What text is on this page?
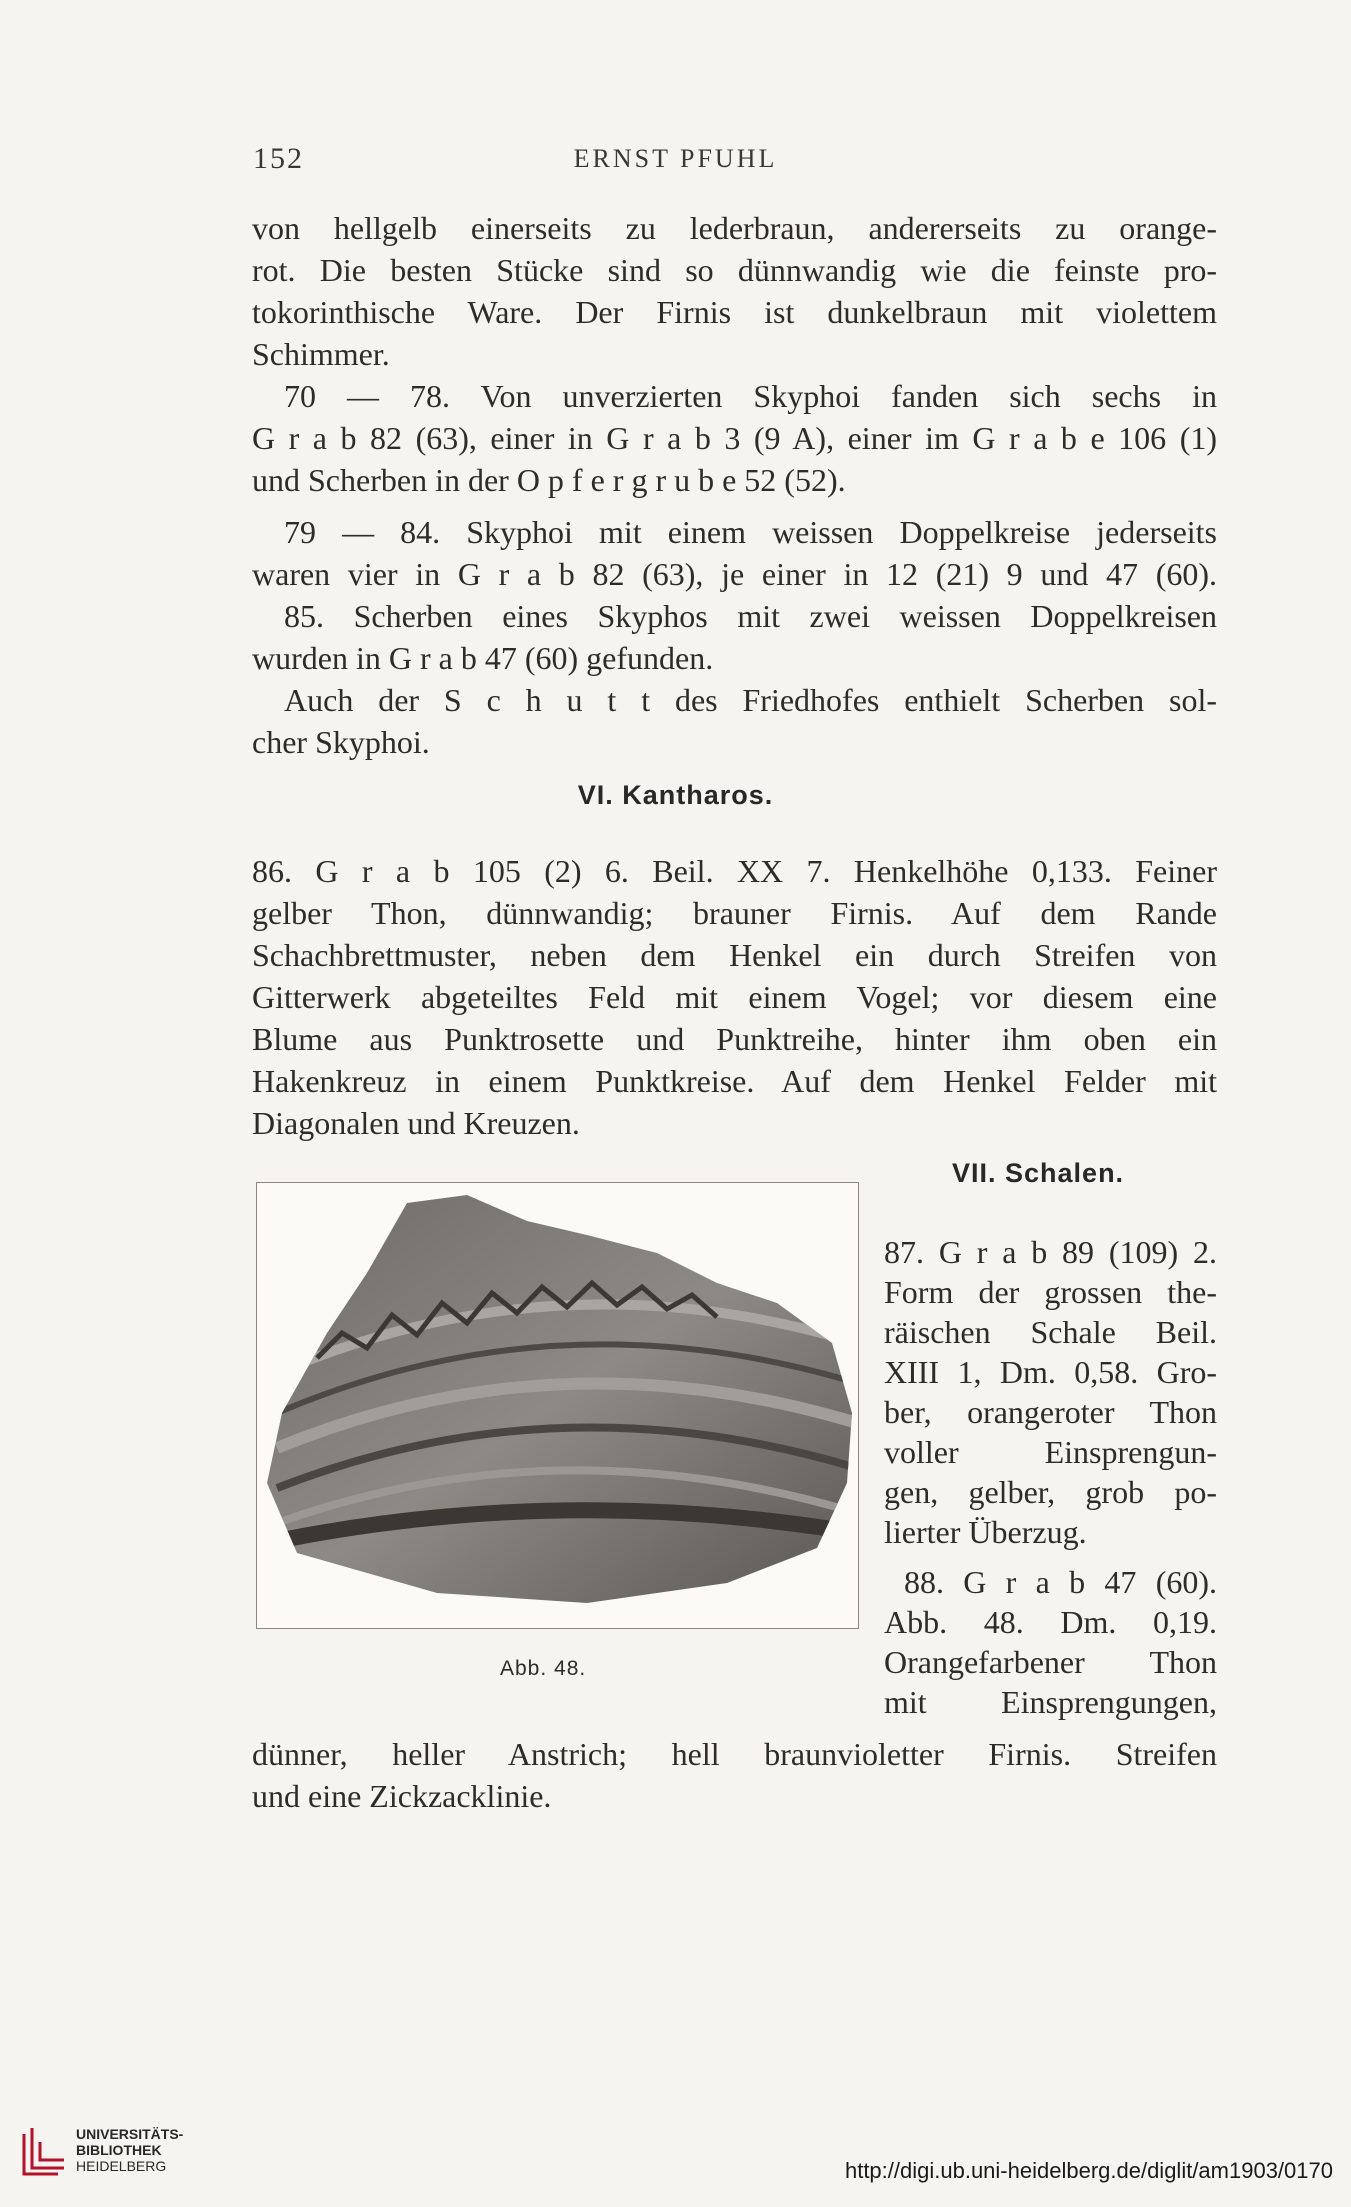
152	ERNST PFUHL
von hellgelb einerseits zu lederbraun, andererseits zu orange-
rot. Die besten Stücke sind so dünnwandig wie die feinste pro-
tokorinthische Ware. Der Firnis ist dunkelbraun mit violettem
Schimmer.
70 — 78. Von unverzierten Skyphoi fanden sich sechs in
G r a b 82 (63), einer in G r a b 3 (9 A), einer im G r a b e 106 (1)
und Scherben in der O p f e r g r u b e 52 (52).
79 — 84. Skyphoi mit einem weissen Doppelkreise jederseits
waren vier in G r a b 82 (63), je einer in 12 (21) 9 und 47 (60).
85. Scherben eines Skyphos mit zwei weissen Doppelkreisen
wurden in G r a b 47 (60) gefunden.
Auch der S c h u t t des Friedhofes enthielt Scherben sol-
cher Skyphoi.
VI. Kantharos.
86. G r a b 105 (2) 6. Beil. XX 7. Henkelhöhe 0,133. Feiner
gelber Thon, dünnwandig; brauner Firnis. Auf dem Rande
Schachbrettmuster, neben dem Henkel ein durch Streifen von
Gitterwerk abgeteiltes Feld mit einem Vogel; vor diesem eine
Blume aus Punktrosette und Punktreihe, hinter ihm oben ein
Hakenkreuz in einem Punktkreise. Auf dem Henkel Felder mit
Diagonalen und Kreuzen.
VII. Schalen.
Abb. 48.
87. G r a b 89 (109) 2.
Form der grossen the-
räischen Schale Beil.
XIII 1, Dm. 0,58. Gro-
ber, orangeroter Thon
voller Einsprengun-
gen, gelber, grob po-
lierter Überzug.
88. G r a b 47 (60).
Abb. 48. Dm. 0,19.
Orangefarbener Thon
mit Einsprengungen,
dünner, heller Anstrich; hell braunvioletter Firnis. Streifen
und eine Zickzacklinie.
UNIVERSITÄTS-
BIBLIOTHEK
HEIDELBERG	http://digi.ub.uni-heidelberg.de/diglit/am1903/0170
